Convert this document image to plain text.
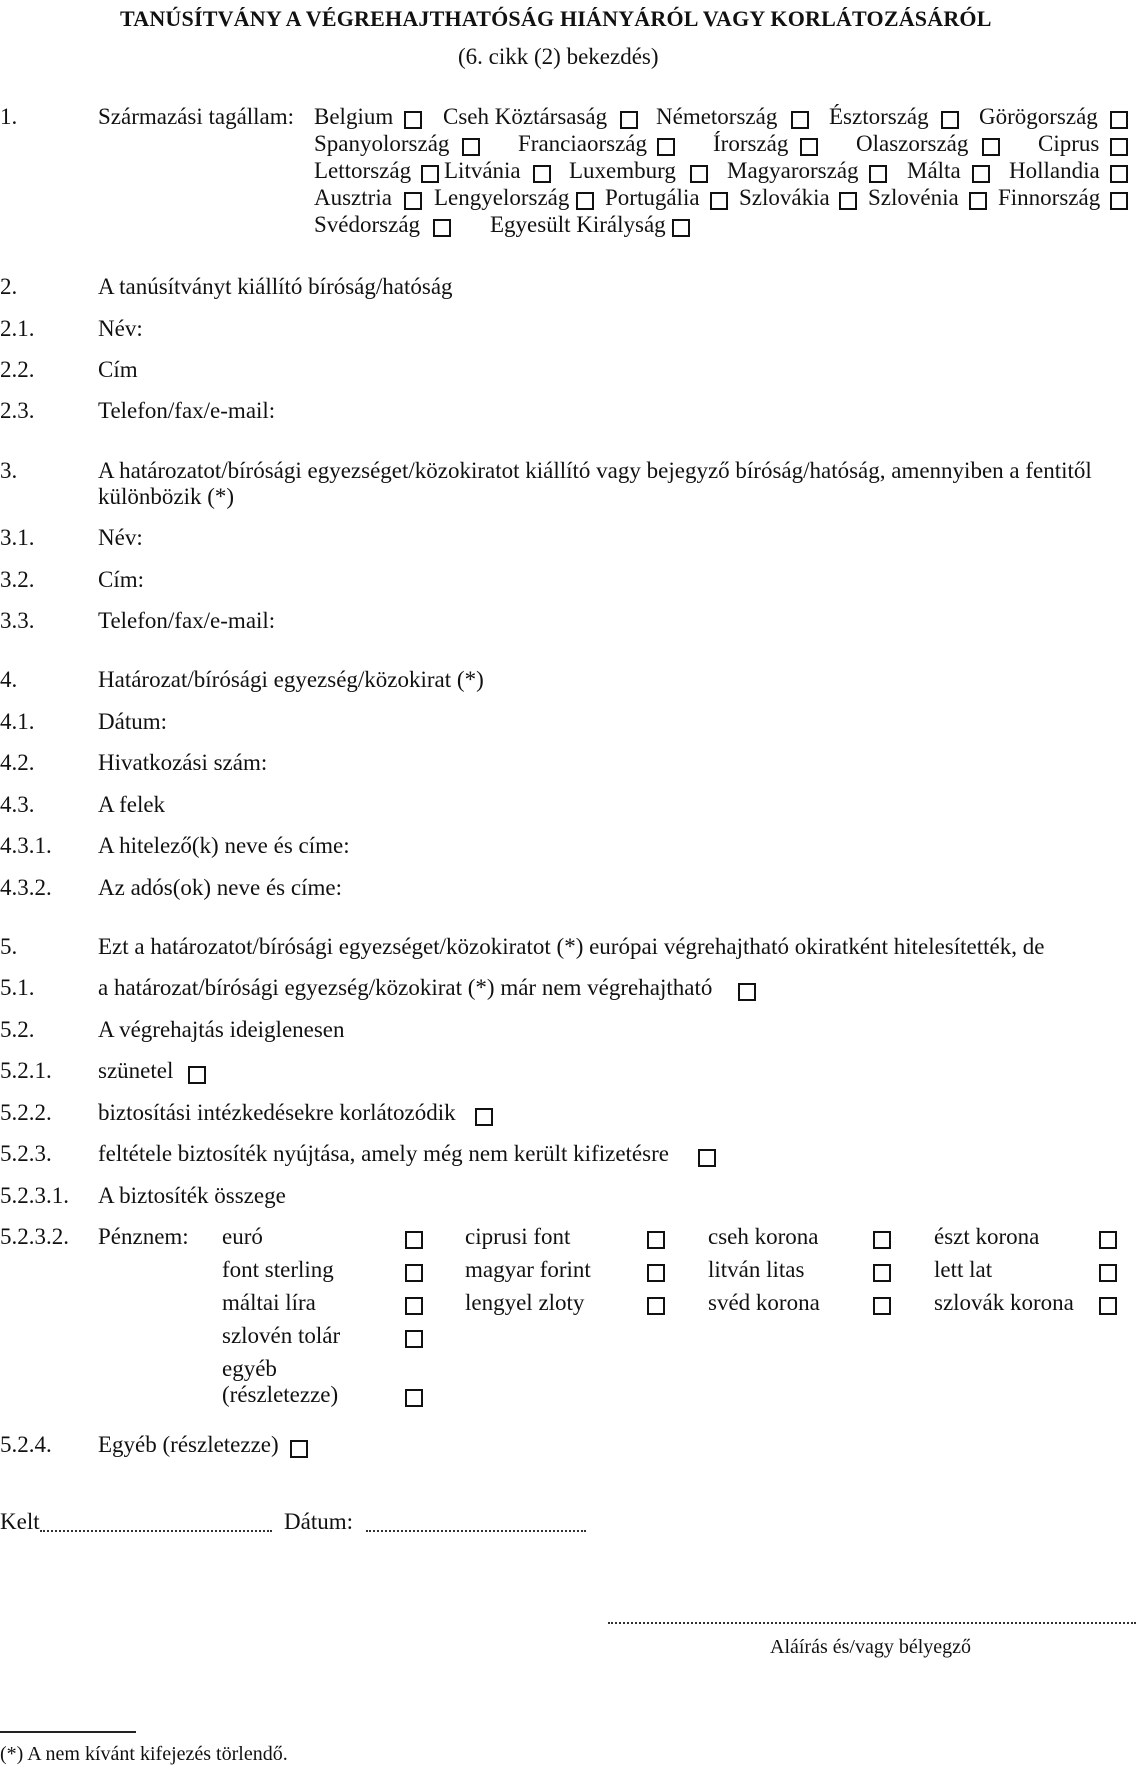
TANÚSÍTVÁNY A VÉGREHAJTHATÓSÁG HIÁNYÁRÓL VAGY KORLÁTOZÁSÁRÓL
(6. cikk (2) bekezdés)
1.	Származási tagállam: Belgium Cseh Köztársaság Németország Észtország Görögország
Spanyolország	Franciaország	Írország	Olaszország	Ciprus
Lettország Litvánia Luxemburg Magyarország Málta Hollandia
Ausztria Lengyelország Portugália Szlovákia Szlovénia Finnország
Svédország	Egyesült Királyság
2.	A tanúsítványt kiállító bíróság/hatóság
2.1.	Név:
2.2.	Cím
2.3.	Telefon/fax/e-mail:
3.	A határozatot/bírósági egyezséget/közokiratot kiállító vagy bejegyző bíróság/hatóság, amennyiben a fentitől
különbözik (*)
3.1.	Név:
3.2.	Cím:
3.3.	Telefon/fax/e-mail:
4.	Határozat/bírósági egyezség/közokirat (*)
4.1.	Dátum:
4.2.	Hivatkozási szám:
4.3.	A felek
4.3.1. A hitelező(k) neve és címe:
4.3.2. Az adós(ok) neve és címe:
5.	Ezt a határozatot/bírósági egyezséget/közokiratot (*) európai végrehajtható okiratként hitelesítették, de
5.1.	a határozat/bírósági egyezség/közokirat (*) már nem végrehajtható
5.2.	A végrehajtás ideiglenesen
5.2.1. szünetel
5.2.2. biztosítási intézkedésekre korlátozódik
5.2.3. feltétele biztosíték nyújtása, amely még nem került kifizetésre
5.2.3.1. A biztosíték összege
5.2.3.2. Pénznem: euró	ciprusi font	cseh korona	észt korona
font sterling	magyar forint	litván litas	lett lat
máltai líra	lengyel zloty	svéd korona	szlovák korona
szlovén tolár
egyéb
(részletezze)
5.2.4. Egyéb (részletezze)
Kelt	Dátum:
Aláírás és/vagy bélyegző
(*) A nem kívánt kifejezés törlendő.
